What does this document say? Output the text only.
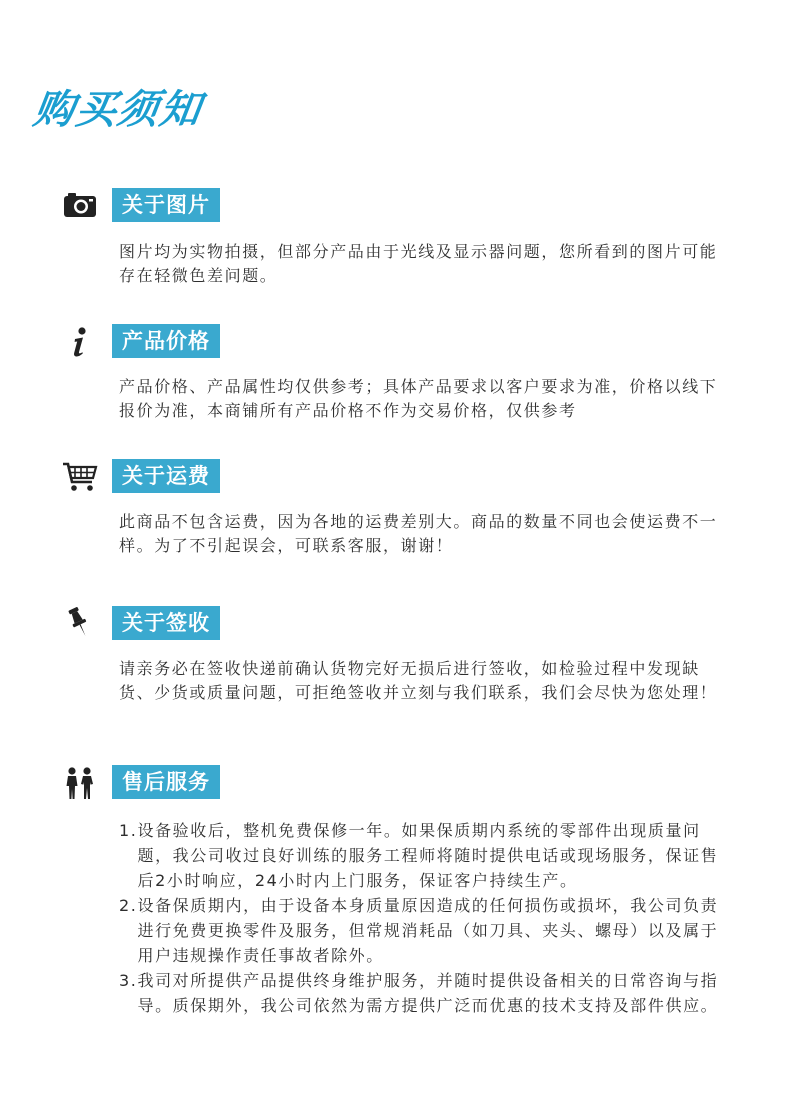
购买须知
关于图片
图片均为实物拍摄，但部分产品由于光线及显示器问题，您所看到的图片可能存在轻微色差问题。
产品价格
产品价格、产品属性均仅供参考；具体产品要求以客户要求为准，价格以线下报价为准，本商铺所有产品价格不作为交易价格，仅供参考
关于运费
此商品不包含运费，因为各地的运费差别大。商品的数量不同也会使运费不一样。为了不引起误会，可联系客服，谢谢！
关于签收
请亲务必在签收快递前确认货物完好无损后进行签收，如检验过程中发现缺货、少货或质量问题，可拒绝签收并立刻与我们联系，我们会尽快为您处理！
售后服务
1. 设备验收后，整机免费保修一年。如果保质期内系统的零部件出现质量问题，我公司收过良好训练的服务工程师将随时提供电话或现场服务，保证售后2小时响应，24小时内上门服务，保证客户持续生产。
2. 设备保质期内，由于设备本身质量原因造成的任何损伤或损坏，我公司负责进行免费更换零件及服务，但常规消耗品（如刀具、夹头、螺母）以及属于用户违规操作责任事故者除外。
3. 我司对所提供产品提供终身维护服务，并随时提供设备相关的日常咨询与指导。质保期外，我公司依然为需方提供广泛而优惠的技术支持及部件供应。
